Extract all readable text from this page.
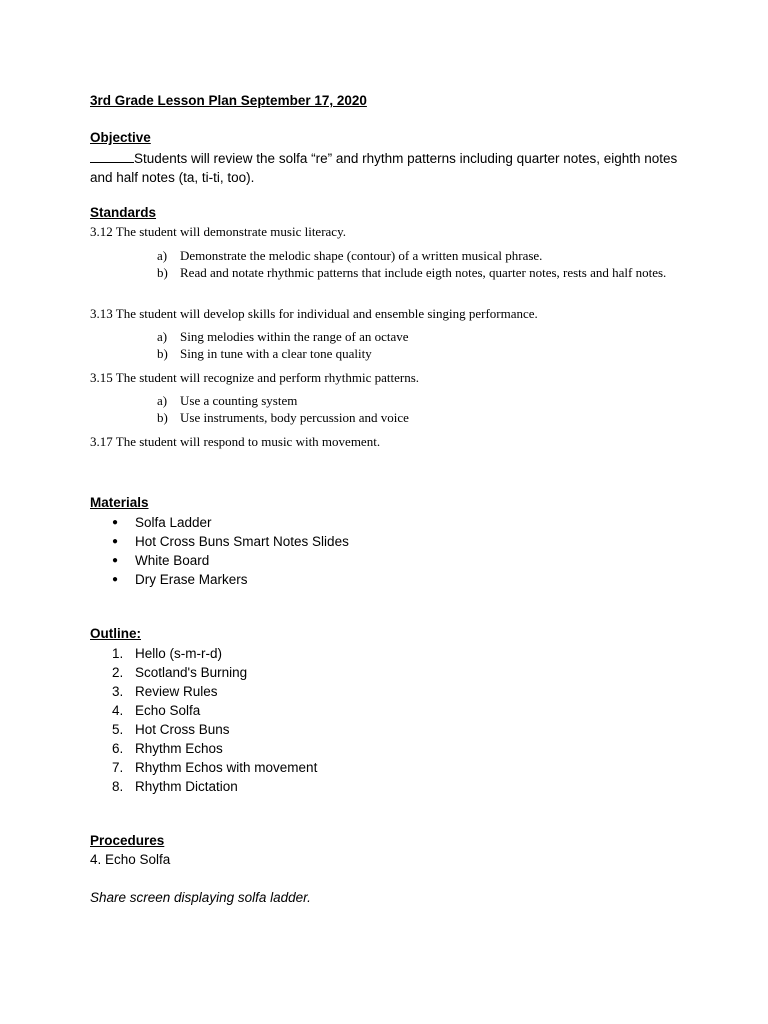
3rd Grade Lesson Plan September 17, 2020
Objective
Students will review the solfa “re” and rhythm patterns including quarter notes, eighth notes and half notes (ta, ti-ti, too).
Standards
3.12 The student will demonstrate music literacy.
a) Demonstrate the melodic shape (contour) of a written musical phrase.
b) Read and notate rhythmic patterns that include eigth notes, quarter notes, rests and half notes.
3.13 The student will develop skills for individual and ensemble singing performance.
a) Sing melodies within the range of an octave
b) Sing in tune with a clear tone quality
3.15 The student will recognize and perform rhythmic patterns.
a) Use a counting system
b) Use instruments, body percussion and voice
3.17 The student will respond to music with movement.
Materials
●	Solfa Ladder
●	Hot Cross Buns Smart Notes Slides
●	White Board
●	Dry Erase Markers
Outline:
1. Hello (s-m-r-d)
2. Scotland's Burning
3. Review Rules
4. Echo Solfa
5. Hot Cross Buns
6. Rhythm Echos
7. Rhythm Echos with movement
8. Rhythm Dictation
Procedures
4. Echo Solfa
Share screen displaying solfa ladder.
